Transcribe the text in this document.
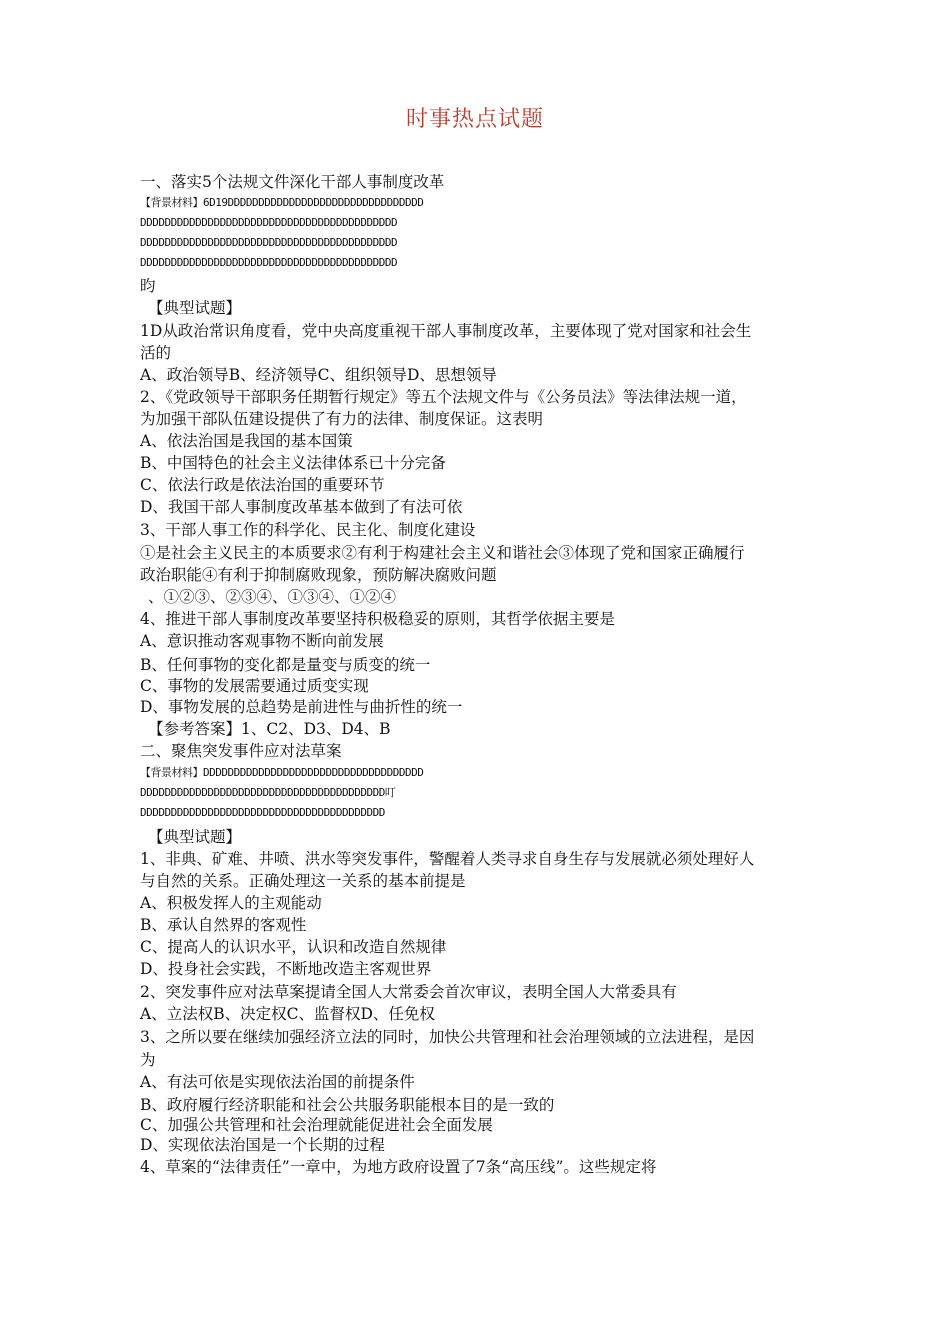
时事热点试题
一、落实5个法规文件深化干部人事制度改革
【背景材料】6D19DDDDDDDDDDDDDDDDDDDDDDDDDDDDDDDD
DDDDDDDDDDDDDDDDDDDDDDDDDDDDDDDDDDDDDDDDDD
DDDDDDDDDDDDDDDDDDDDDDDDDDDDDDDDDDDDDDDDDD
DDDDDDDDDDDDDDDDDDDDDDDDDDDDDDDDDDDDDDDDDD
昀
【典型试题】
1D从政治常识角度看，党中央高度重视干部人事制度改革，主要体现了党对国家和社会生
活的
A、政治领导B、经济领导C、组织领导D、思想领导
2、《党政领导干部职务任期暂行规定》等五个法规文件与《公务员法》等法律法规一道，
为加强干部队伍建设提供了有力的法律、制度保证。这表明
A、依法治国是我国的基本国策
B、中国特色的社会主义法律体系已十分完备
C、依法行政是依法治国的重要环节
D、我国干部人事制度改革基本做到了有法可依
3、干部人事工作的科学化、民主化、制度化建设
①是社会主义民主的本质要求②有利于构建社会主义和谐社会③体现了党和国家正确履行
政治职能④有利于抑制腐败现象，预防解决腐败问题
、①②③、②③④、①③④、①②④
4、推进干部人事制度改革要坚持积极稳妥的原则，其哲学依据主要是
A、意识推动客观事物不断向前发展
B、任何事物的变化都是量变与质变的统一
C、事物的发展需要通过质变实现
D、事物发展的总趋势是前进性与曲折性的统一
【参考答案】1、C2、D3、D4、B
二、聚焦突发事件应对法草案
【背景材料】DDDDDDDDDDDDDDDDDDDDDDDDDDDDDDDDDDDD
DDDDDDDDDDDDDDDDDDDDDDDDDDDDDDDDDDDDDDDD叮
DDDDDDDDDDDDDDDDDDDDDDDDDDDDDDDDDDDDDDDD
【典型试题】
1、非典、矿难、井喷、洪水等突发事件，警醒着人类寻求自身生存与发展就必须处理好人
与自然的关系。正确处理这一关系的基本前提是
A、积极发挥人的主观能动
B、承认自然界的客观性
C、提高人的认识水平，认识和改造自然规律
D、投身社会实践，不断地改造主客观世界
2、突发事件应对法草案提请全国人大常委会首次审议，表明全国人大常委具有
A、立法权B、决定权C、监督权D、任免权
3、之所以要在继续加强经济立法的同时，加快公共管理和社会治理领域的立法进程，是因
为
A、有法可依是实现依法治国的前提条件
B、政府履行经济职能和社会公共服务职能根本目的是一致的
C、加强公共管理和社会治理就能促进社会全面发展
D、实现依法治国是一个长期的过程
4、草案的“法律责任”一章中，为地方政府设置了7条“高压线”。这些规定将
